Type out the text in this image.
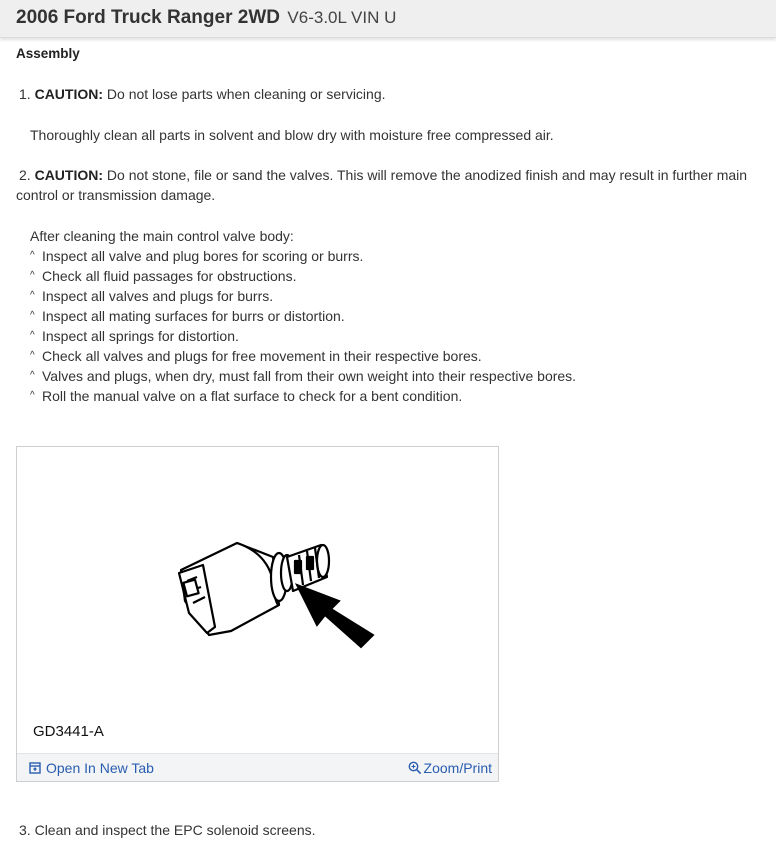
2006 Ford Truck Ranger 2WD V6-3.0L VIN U
Assembly
1. CAUTION: Do not lose parts when cleaning or servicing.
Thoroughly clean all parts in solvent and blow dry with moisture free compressed air.
2. CAUTION: Do not stone, file or sand the valves. This will remove the anodized finish and may result in further main control or transmission damage.
After cleaning the main control valve body:
^ Inspect all valve and plug bores for scoring or burrs.
^ Check all fluid passages for obstructions.
^ Inspect all valves and plugs for burrs.
^ Inspect all mating surfaces for burrs or distortion.
^ Inspect all springs for distortion.
^ Check all valves and plugs for free movement in their respective bores.
^ Valves and plugs, when dry, must fall from their own weight into their respective bores.
^ Roll the manual valve on a flat surface to check for a bent condition.
3. Clean and inspect the EPC solenoid screens.
GD3441-A
Open In New Tab	Zoom/Print
